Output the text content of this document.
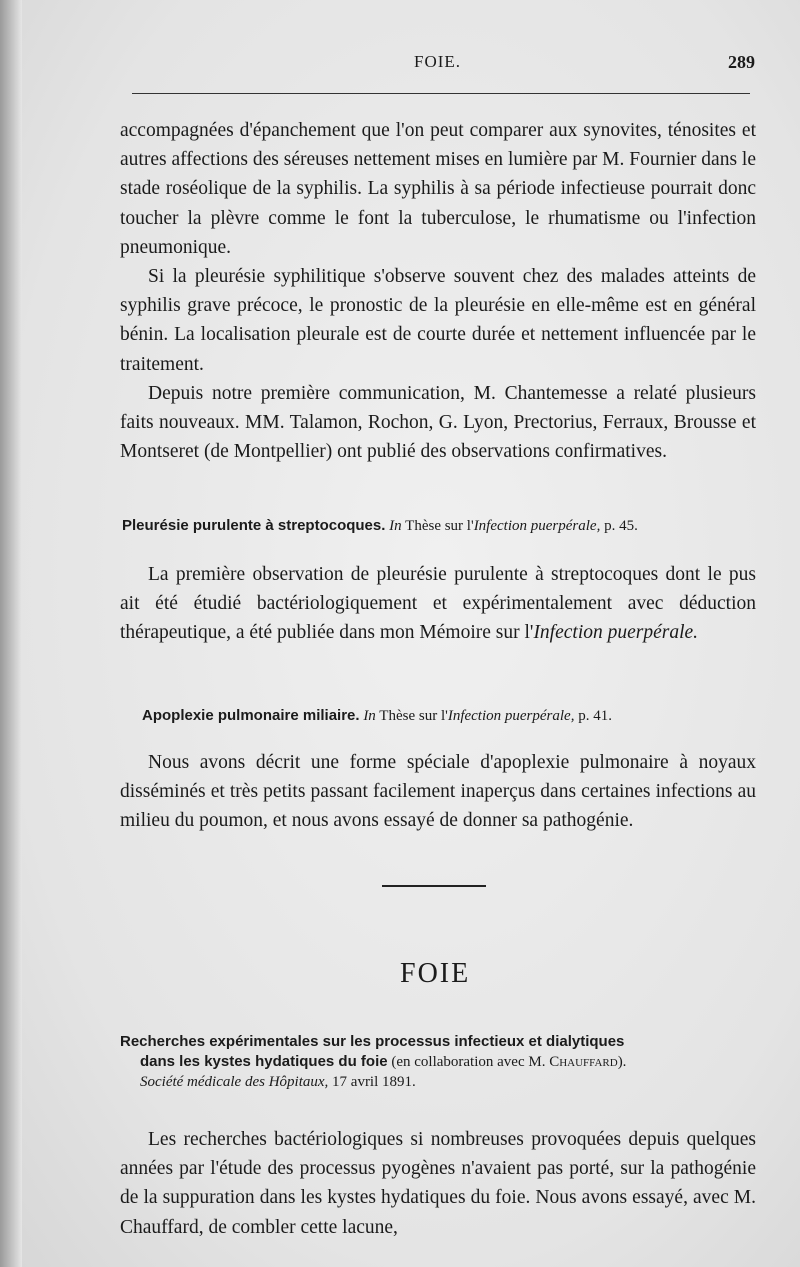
FOIE.	289

accompagnées d'épanchement que l'on peut comparer aux synovites, ténosites et autres affections des séreuses nettement mises en lumière par M. Fournier dans le stade roséolique de la syphilis. La syphilis à sa période infectieuse pourrait donc toucher la plèvre comme le font la tuberculose, le rhumatisme ou l'infection pneumonique.

Si la pleurésie syphilitique s'observe souvent chez des malades atteints de syphilis grave précoce, le pronostic de la pleurésie en elle-même est en général bénin. La localisation pleurale est de courte durée et nettement influencée par le traitement.

Depuis notre première communication, M. Chantemesse a relaté plusieurs faits nouveaux. MM. Talamon, Rochon, G. Lyon, Prectorius, Ferraux, Brousse et Montseret (de Montpellier) ont publié des observations confirmatives.

Pleurésie purulente à streptocoques. In Thèse sur l'Infection puerpérale, p. 45.

La première observation de pleurésie purulente à streptocoques dont le pus ait été étudié bactériologiquement et expérimentalement avec déduction thérapeutique, a été publiée dans mon Mémoire sur l'Infection puerpérale.

Apoplexie pulmonaire miliaire. In Thèse sur l'Infection puerpérale, p. 41.

Nous avons décrit une forme spéciale d'apoplexie pulmonaire à noyaux disséminés et très petits passant facilement inaperçus dans certaines infections au milieu du poumon, et nous avons essayé de donner sa pathogénie.

FOIE
Recherches expérimentales sur les processus infectieux et dialytiques
dans les kystes hydatiques du foie (en collaboration avec M. Chauffard).
Société médicale des Hôpitaux, 17 avril 1891.

Les recherches bactériologiques si nombreuses provoquées depuis quelques années par l'étude des processus pyogènes n'avaient pas porté, sur la pathogénie de la suppuration dans les kystes hydatiques du foie. Nous avons essayé, avec M. Chauffard, de combler cette lacune,
